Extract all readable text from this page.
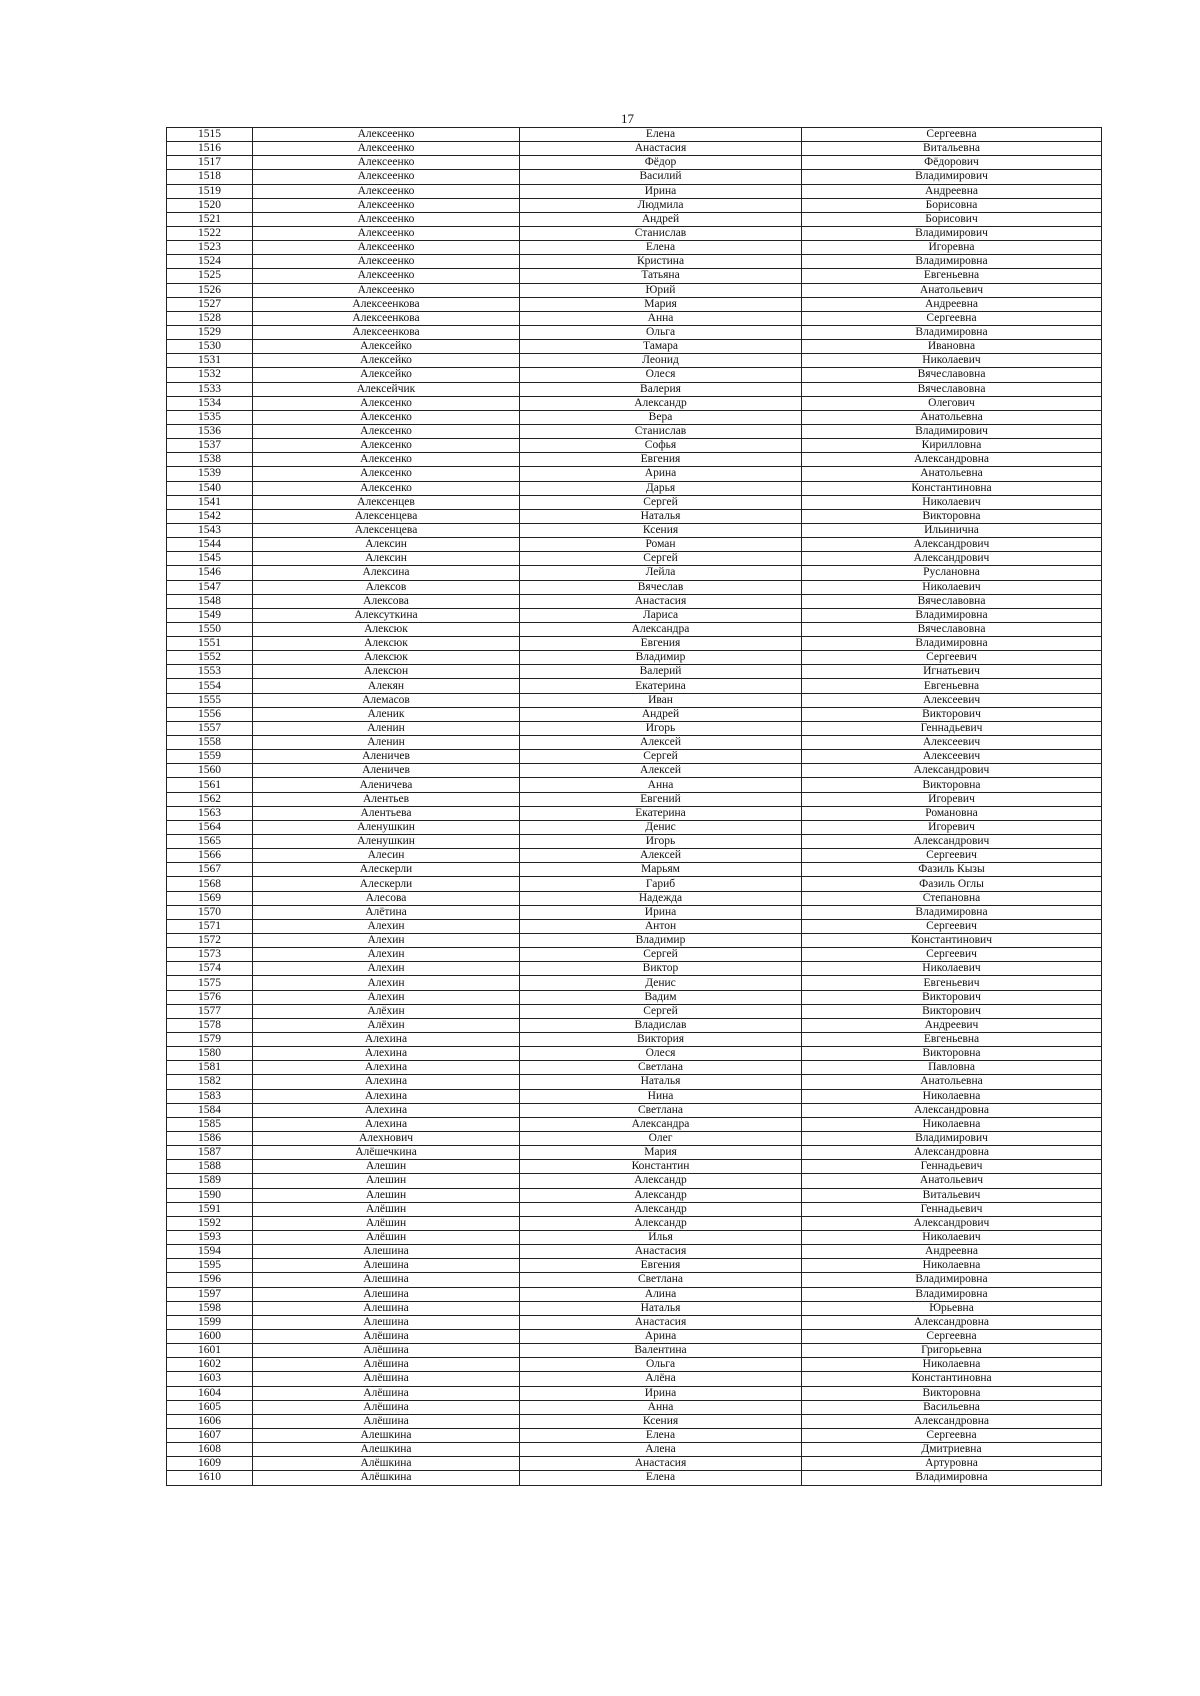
17
1515	Алексеенко	Елена	Сергеевна
1516	Алексеенко	Анастасия	Витальевна
1517	Алексеенко	Фёдор	Фёдорович
1518	Алексеенко	Василий	Владимирович
1519	Алексеенко	Ирина	Андреевна
1520	Алексеенко	Людмила	Борисовна
1521	Алексеенко	Андрей	Борисович
1522	Алексеенко	Станислав	Владимирович
1523	Алексеенко	Елена	Игоревна
1524	Алексеенко	Кристина	Владимировна
1525	Алексеенко	Татьяна	Евгеньевна
1526	Алексеенко	Юрий	Анатольевич
1527	Алексеенкова	Мария	Андреевна
1528	Алексеенкова	Анна	Сергеевна
1529	Алексеенкова	Ольга	Владимировна
1530	Алексейко	Тамара	Ивановна
1531	Алексейко	Леонид	Николаевич
1532	Алексейко	Олеся	Вячеславовна
1533	Алексейчик	Валерия	Вячеславовна
1534	Алексенко	Александр	Олегович
1535	Алексенко	Вера	Анатольевна
1536	Алексенко	Станислав	Владимирович
1537	Алексенко	Софья	Кирилловна
1538	Алексенко	Евгения	Александровна
1539	Алексенко	Арина	Анатольевна
1540	Алексенко	Дарья	Константиновна
1541	Алексенцев	Сергей	Николаевич
1542	Алексенцева	Наталья	Викторовна
1543	Алексенцева	Ксения	Ильинична
1544	Алексин	Роман	Александрович
1545	Алексин	Сергей	Александрович
1546	Алексина	Лейла	Руслановна
1547	Алексов	Вячеслав	Николаевич
1548	Алексова	Анастасия	Вячеславовна
1549	Алексуткина	Лариса	Владимировна
1550	Алексюк	Александра	Вячеславовна
1551	Алексюк	Евгения	Владимировна
1552	Алексюк	Владимир	Сергеевич
1553	Алексюн	Валерий	Игнатьевич
1554	Алекян	Екатерина	Евгеньевна
1555	Алемасов	Иван	Алексеевич
1556	Аленик	Андрей	Викторович
1557	Аленин	Игорь	Геннадьевич
1558	Аленин	Алексей	Алексеевич
1559	Аленичев	Сергей	Алексеевич
1560	Аленичев	Алексей	Александрович
1561	Аленичева	Анна	Викторовна
1562	Алентьев	Евгений	Игоревич
1563	Алентьева	Екатерина	Романовна
1564	Аленушкин	Денис	Игоревич
1565	Аленушкин	Игорь	Александрович
1566	Алесин	Алексей	Сергеевич
1567	Алескерли	Марьям	Фазиль Кызы
1568	Алескерли	Гариб	Фазиль Оглы
1569	Алесова	Надежда	Степановна
1570	Алётина	Ирина	Владимировна
1571	Алехин	Антон	Сергеевич
1572	Алехин	Владимир	Константинович
1573	Алехин	Сергей	Сергеевич
1574	Алехин	Виктор	Николаевич
1575	Алехин	Денис	Евгеньевич
1576	Алехин	Вадим	Викторович
1577	Алёхин	Сергей	Викторович
1578	Алёхин	Владислав	Андреевич
1579	Алехина	Виктория	Евгеньевна
1580	Алехина	Олеся	Викторовна
1581	Алехина	Светлана	Павловна
1582	Алехина	Наталья	Анатольевна
1583	Алехина	Нина	Николаевна
1584	Алехина	Светлана	Александровна
1585	Алехина	Александра	Николаевна
1586	Алехнович	Олег	Владимирович
1587	Алёшечкина	Мария	Александровна
1588	Алешин	Константин	Геннадьевич
1589	Алешин	Александр	Анатольевич
1590	Алешин	Александр	Витальевич
1591	Алёшин	Александр	Геннадьевич
1592	Алёшин	Александр	Александрович
1593	Алёшин	Илья	Николаевич
1594	Алешина	Анастасия	Андреевна
1595	Алешина	Евгения	Николаевна
1596	Алешина	Светлана	Владимировна
1597	Алешина	Алина	Владимировна
1598	Алешина	Наталья	Юрьевна
1599	Алешина	Анастасия	Александровна
1600	Алёшина	Арина	Сергеевна
1601	Алёшина	Валентина	Григорьевна
1602	Алёшина	Ольга	Николаевна
1603	Алёшина	Алёна	Константиновна
1604	Алёшина	Ирина	Викторовна
1605	Алёшина	Анна	Васильевна
1606	Алёшина	Ксения	Александровна
1607	Алешкина	Елена	Сергеевна
1608	Алешкина	Алена	Дмитриевна
1609	Алёшкина	Анастасия	Артуровна
1610	Алёшкина	Елена	Владимировна
